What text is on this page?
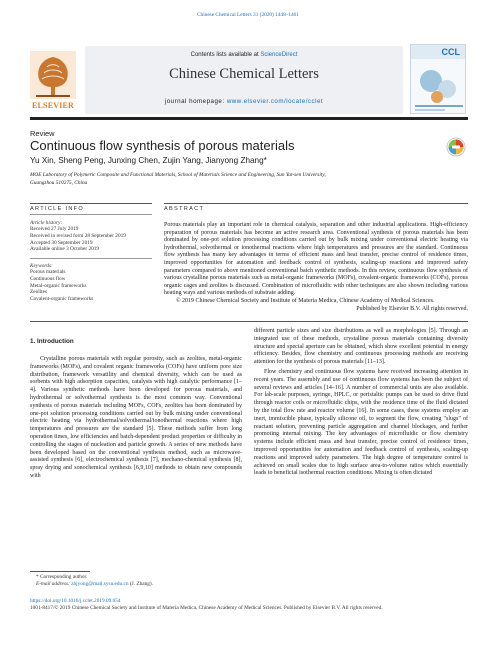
Chinese Chemical Letters 31 (2020) 1448–1461
ELSEVIER
Contents lists available at ScienceDirect
Chinese Chemical Letters
journal homepage: www.elsevier.com/locate/cclet
CCL
Review
Continuous flow synthesis of porous materials
Yu Xin, Sheng Peng, Junxing Chen, Zujin Yang, Jianyong Zhang*
MOE Laboratory of Polymeric Composite and Functional Materials, School of Materials Science and Engineering, Sun Yat-sen University,
Guangzhou 510275, China
ARTICLE INFO
Article history:
Received 27 July 2019
Received in revised form 28 September 2019
Accepted 30 September 2019
Available online 3 October 2019
Keywords:
Porous materials
Continuous flow
Metal-organic frameworks
Zeolites
Covalent-organic frameworks
ABSTRACT

Porous materials play an important role in chemical catalysis, separation and other industrial applications. High-efficiency preparation of porous materials has become an active research area. Conventional synthesis of porous materials has been dominated by one-pot solution processing conditions carried out by bulk mixing under conventional electric heating via hydrothermal, solvothermal or ionothermal reactions where high temperatures and pressures are the standard. Continuous flow synthesis has many key advantages in terms of efficient mass and heat transfer, precise control of residence times, improved opportunities for automation and feedback control of synthesis, scaling-up reactions and improved safety parameters compared to above mentioned conventional batch synthetic methods. In this review, continuous flow synthesis of various crystalline porous materials such as metal-organic frameworks (MOFs), covalent-organic frameworks (COFs), porous organic cages and zeolites is discussed. Combination of microfluidic with other techniques are also shown including various heating ways and various methods of substrate adding.

© 2019 Chinese Chemical Society and Institute of Materia Medica, Chinese Academy of Medical Sciences.

Published by Elsevier B.V. All rights reserved.

1. Introduction

Crystalline porous materials with regular porosity, such as zeolites, metal-organic frameworks (MOFs), and covalent organic frameworks (COFs) have uniform pore size distribution, framework versatility and chemical diversity, which can be used as sorbents with high adsorption capacities, catalysts with high catalytic performance [1–4]. Various synthetic methods have been developed for porous materials, and hydrothermal or solvothermal synthesis is the most common way. Conventional synthesis of porous materials including MOFs, COFs, zeolites has been dominated by one-pot solution processing conditions carried out by bulk mixing under conventional electric heating via hydrothermal/solvothermal/ionothermal reactions where high temperatures and pressures are the standard [5]. These methods suffer from long operation times, low efficiencies and batch-dependent product properties or difficulty in controlling the stages of nucleation and particle growth. A series of new methods have been developed based on the conventional synthesis method, such as microwave-assisted synthesis [6], electrochemical synthesis [7], mechano-chemical synthesis [8], spray drying and sonochemical synthesis [6,9,10] methods to obtain new compounds with

different particle sizes and size distributions as well as morphologies [5]. Through an integrated use of these methods, crystalline porous materials containing diversity structure and special aperture can be obtained, which show excellent potential in energy efficiency. Besides, flow chemistry and continuous processing methods are receiving attention for the synthesis of porous materials [11–13].

Flow chemistry and continuous flow systems have received increasing attention in recent years. The assembly and use of continuous flow systems has been the subject of several reviews and articles [14–16]. A number of commercial units are also available. For lab-scale purposes, syringe, HPLC, or peristaltic pumps can be used to drive fluid through reactor coils or microfluidic chips, with the residence time of the fluid dictated by the total flow rate and reactor volume [16]. In some cases, these systems employ an inert, immiscible phase, typically silicone oil, to segment the flow, creating "slugs" of reactant solution, preventing particle aggregation and channel blockages, and further promoting internal mixing. The key advantages of microfluidic or flow chemistry systems include efficient mass and heat transfer, precise control of residence times, improved opportunities for automation and feedback control of synthesis, scaling-up reactions and improved safety parameters. The high degree of temperature control is achieved on small scales due to high surface area-to-volume ratios which essentially leads to beneficial isothermal reaction conditions. Mixing is often dictated

* Corresponding author.
E-mail address: zhjyong@mail.sysu.edu.cn (J. Zhang).
https://doi.org/10.1016/j.cclet.2019.09.054
1001-8417/© 2019 Chinese Chemical Society and Institute of Materia Medica, Chinese Academy of Medical Sciences. Published by Elsevier B.V. All rights reserved.
